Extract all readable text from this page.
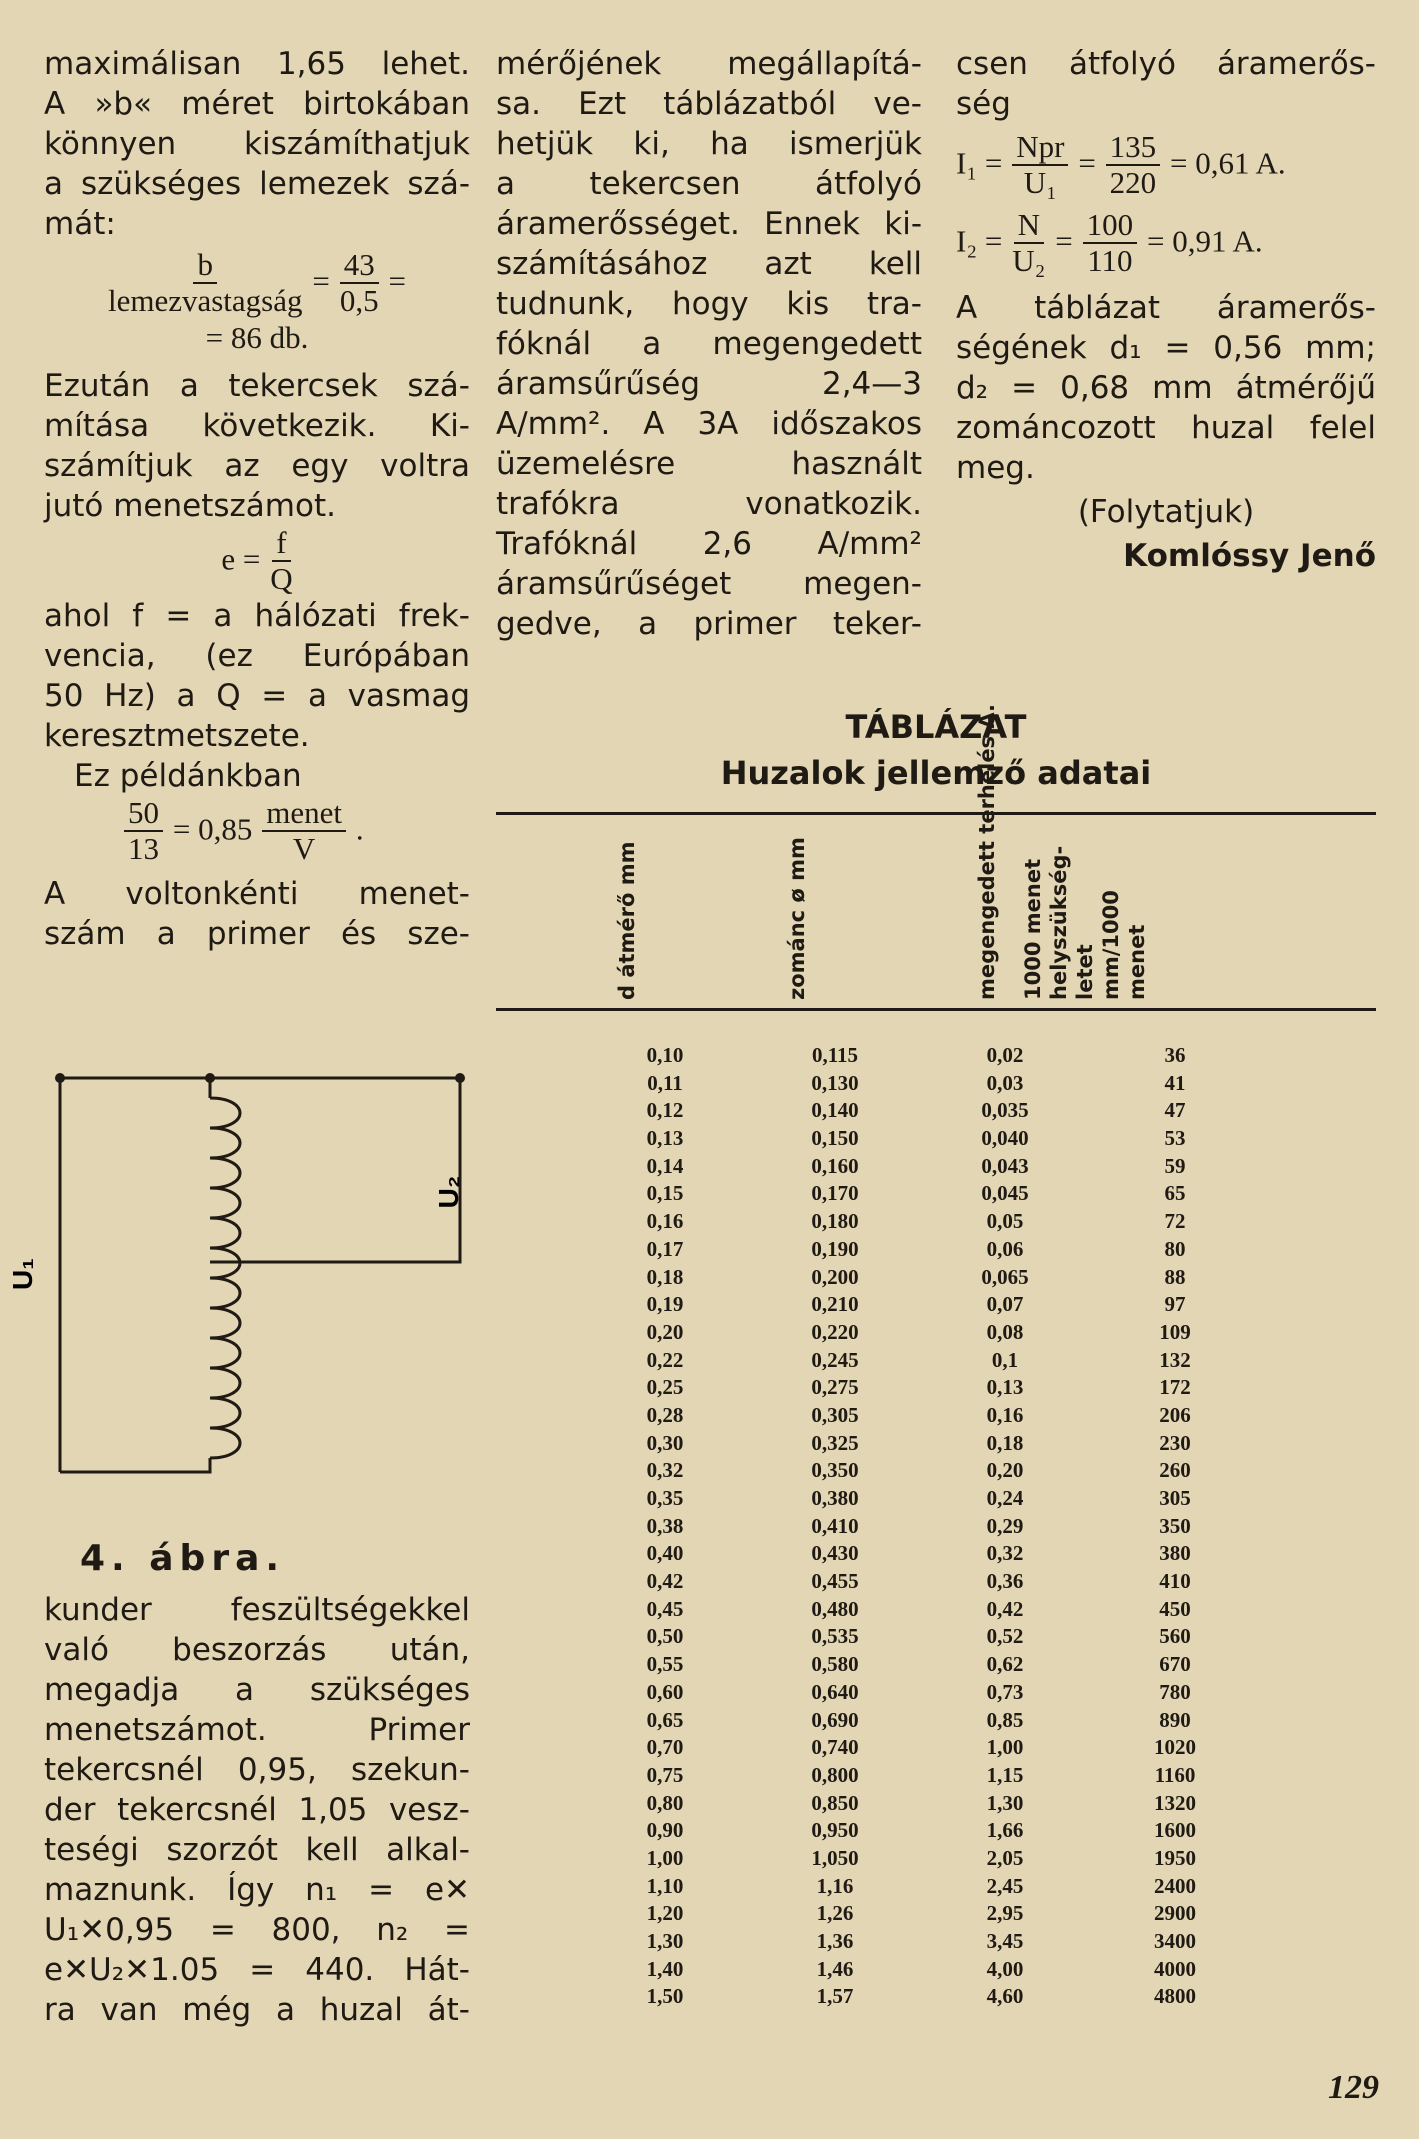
maximálisan 1,65 lehet.

A »b« méret birtokában

könnyen kiszámíthatjuk

a szükséges lemezek szá-

mát:

$\frac{b}{\text{lemezvastagság}} = \frac{43}{0,5}$ =

= 86 db.

Ezután a tekercsek szá-

mítása következik. Ki-

számítjuk az egy voltra

jutó menetszámot.

$e = \frac{f}{Q}$

ahol f = a hálózati frek-

vencia, (ez Európában

50 Hz) a Q = a vasmag

keresztmetszete.

Ez példánkban

$\frac{50}{13} = 0,85 \frac{\text{menet}}{V}$ .

A voltonkénti menet-

szám a primer és sze-

U₁
U₂
4. ábra.

kunder feszültségekkel

való beszorzás után,

megadja a szükséges

menetszámot. Primer

tekercsnél 0,95, szekun-

der tekercsnél 1,05 vesz-

teségi szorzót kell alkal-

maznunk. Így n₁ = e✕

U₁✕0,95 = 800, n₂ =

e✕U₂✕1.05 = 440. Hát-

ra van még a huzal át-

mérőjének megállapítá-

sa. Ezt táblázatból ve-

hetjük ki, ha ismerjük

a tekercsen átfolyó

áramerősséget. Ennek ki-

számításához azt kell

tudnunk, hogy kis tra-

fóknál a megengedett

áramsűrűség 2,4—3

A/mm². A 3A időszakos

üzemelésre használt

trafókra vonatkozik.

Trafóknál 2,6 A/mm²

áramsűrűséget megen-

gedve, a primer teker-

csen átfolyó áramerős-

ség

$I_1 = \frac{\text{Npr}}{\text{U₁}} = \frac{135}{220} = 0,61$ A.
$I_2 = \frac{N}{\text{U₂}} = \frac{100}{110} = 0,91$ A.

A táblázat áramerős-

ségének d₁ = 0,56 mm;

d₂ = 0,68 mm átmérőjű

zománcozott huzal felel

meg.

(Folytatjuk)

Komlóssy Jenő

TÁBLÁZAT
Huzalok jellemző adatai
d átmérő mm	zománc ø mm	megengedett terhelés A. 1000 menet helyszükség-letet mm/1000 menet
0,10	0,115	0,02	36
0,11	0,130	0,03	41
0,12	0,140	0,035	47
0,13	0,150	0,040	53
0,14	0,160	0,043	59
0,15	0,170	0,045	65
0,16	0,180	0,05	72
0,17	0,190	0,06	80
0,18	0,200	0,065	88
0,19	0,210	0,07	97
0,20	0,220	0,08	109
0,22	0,245	0,1	132
0,25	0,275	0,13	172
0,28	0,305	0,16	206
0,30	0,325	0,18	230
0,32	0,350	0,20	260
0,35	0,380	0,24	305
0,38	0,410	0,29	350
0,40	0,430	0,32	380
0,42	0,455	0,36	410
0,45	0,480	0,42	450
0,50	0,535	0,52	560
0,55	0,580	0,62	670
0,60	0,640	0,73	780
0,65	0,690	0,85	890
0,70	0,740	1,00	1020
0,75	0,800	1,15	1160
0,80	0,850	1,30	1320
0,90	0,950	1,66	1600
1,00	1,050	2,05	1950
1,10	1,16	2,45	2400
1,20	1,26	2,95	2900
1,30	1,36	3,45	3400
1,40	1,46	4,00	4000
1,50	1,57	4,60	4800
129
